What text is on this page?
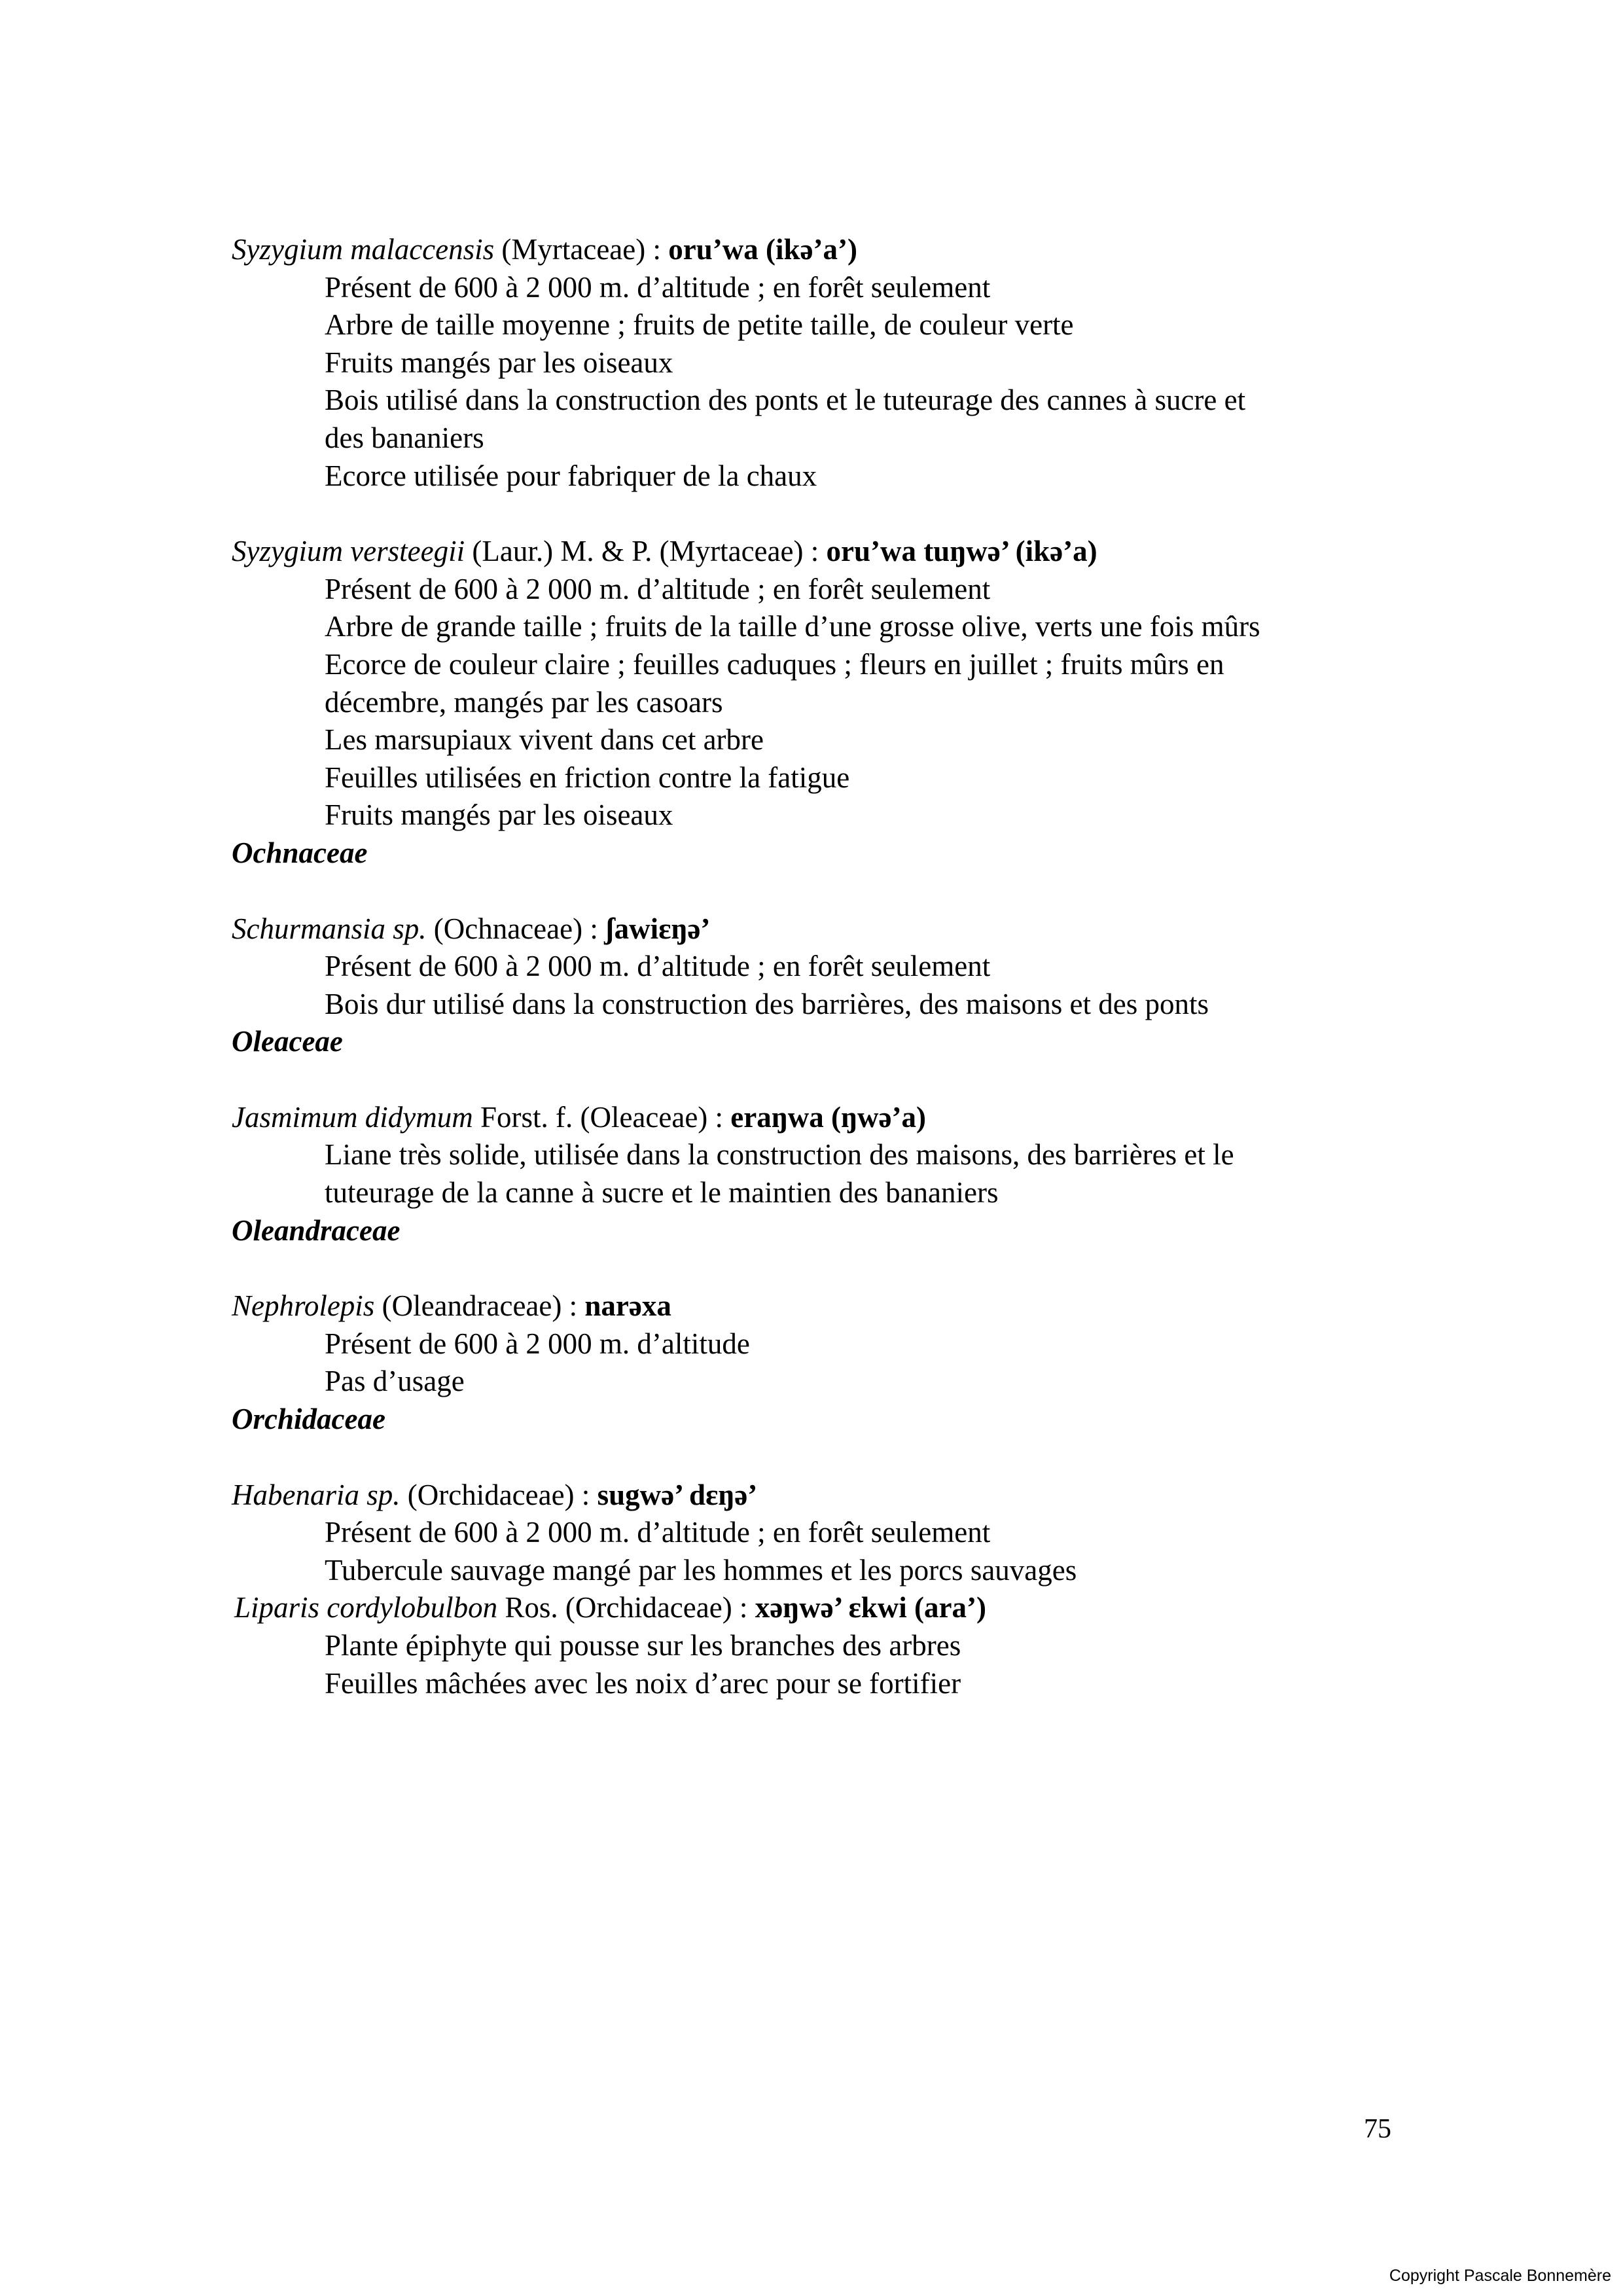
Syzygium malaccensis (Myrtaceae) : oru’wa (ikə’a’)
Présent de 600 à 2 000 m. d’altitude ; en forêt seulement
Arbre de taille moyenne ; fruits de petite taille, de couleur verte
Fruits mangés par les oiseaux
Bois utilisé dans la construction des ponts et le tuteurage des cannes à sucre et
des bananiers
Ecorce utilisée pour fabriquer de la chaux
Syzygium versteegii (Laur.) M. & P. (Myrtaceae) : oru’wa tuŋwə’ (ikə’a)
Présent de 600 à 2 000 m. d’altitude ; en forêt seulement
Arbre de grande taille ; fruits de la taille d’une grosse olive, verts une fois mûrs
Ecorce de couleur claire ; feuilles caduques ; fleurs en juillet ; fruits mûrs en
décembre, mangés par les casoars
Les marsupiaux vivent dans cet arbre
Feuilles utilisées en friction contre la fatigue
Fruits mangés par les oiseaux
Ochnaceae
Schurmansia sp. (Ochnaceae) : ʃawiɛŋə’
Présent de 600 à 2 000 m. d’altitude ; en forêt seulement
Bois dur utilisé dans la construction des barrières, des maisons et des ponts
Oleaceae
Jasmimum didymum Forst. f. (Oleaceae) : eraŋwa (ŋwə’a)
Liane très solide, utilisée dans la construction des maisons, des barrières et le
tuteurage de la canne à sucre et le maintien des bananiers
Oleandraceae
Nephrolepis (Oleandraceae) : narəxa
Présent de 600 à 2 000 m. d’altitude
Pas d’usage
Orchidaceae
Habenaria sp. (Orchidaceae) : sugwə’ dɛŋə’
Présent de 600 à 2 000 m. d’altitude ; en forêt seulement
Tubercule sauvage mangé par les hommes et les porcs sauvages
Liparis cordylobulbon Ros. (Orchidaceae) : xəŋwə’ ɛkwi (ara’)
Plante épiphyte qui pousse sur les branches des arbres
Feuilles mâchées avec les noix d’arec pour se fortifier
75
Copyright Pascale Bonnemère
